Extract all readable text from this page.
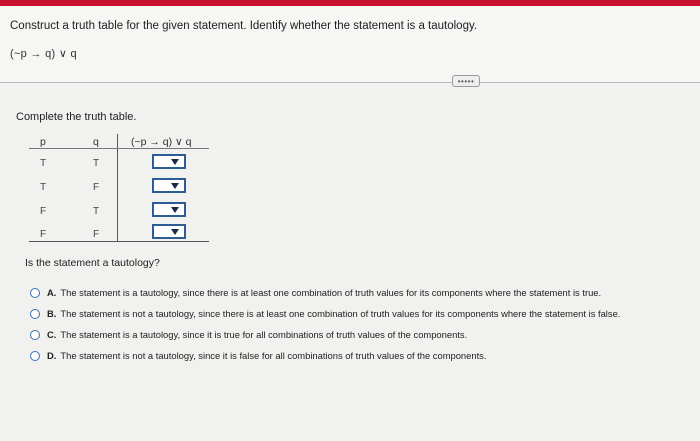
Construct a truth table for the given statement. Identify whether the statement is a tautology.
(~p → q) ∨ q
•••••
Complete the truth table.
p	q	(~p → q) ∨ q
T	T
T	F
F	T
F	F
Is the statement a tautology?
A. The statement is a tautology, since there is at least one combination of truth values for its components where the statement is true.
B. The statement is not a tautology, since there is at least one combination of truth values for its components where the statement is false.
C. The statement is a tautology, since it is true for all combinations of truth values of the components.
D. The statement is not a tautology, since it is false for all combinations of truth values of the components.
